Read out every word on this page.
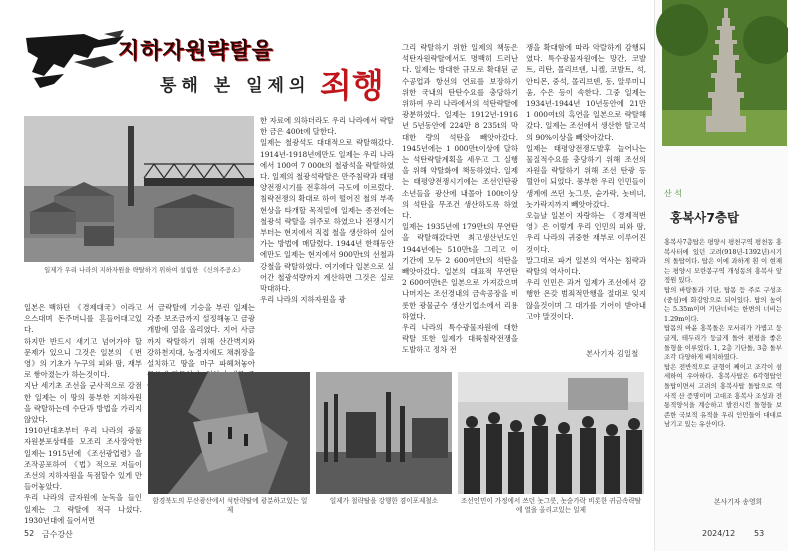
지하자원략탈을
통해 본 일제의 죄행
일제가 우리 나라의 지하자원을 략탈하기 위하여 설립한 《신의주공소》
일본은 백하던 《경제대국》이라고 으스대며 돈주머니를 흔들어대고있다.
하지만 반드시 새기고 넘어가야 할 문제가 있으니 그것은 일본의 《번영》의 기초가 누구의 피와 땀, 재부로 쌓아졌는가 하는것이다.
지난 세기초 조선을 군사적으로 강점한 일제는 이 땅의 풍부한 지하자원을 략탈하는데 수단과 방법을 가리지 않았다.
1910년대초부터 우리 나라의 광물자원분포상태를 모조리 조사장악한 일제는 1915년에 《조선광업령》을 조작공포하여 《법》적으로 저들이 조선의 지하자원을 독점할수 있게 만들어놓았다.
우리 나라의 금자원에 눈독을 들인 일제는 그 략탈에 적극 나섰다. 1930년대에 들어서면
한 자료에 의하더라도 우리 나라에서 략탈한 금은 400t에 달한다.
일제는 철광석도 대대적으로 략탈해갔다. 1914년-1918년에만도 일제는 우리 나라에서 100여 7 000t의 철광석을 략탈하였다. 일제의 철광석략탈은 만주침략과 태평양전쟁시기를 전후하여 극도에 이르렀다. 침략전쟁의 확대로 하여 떨어진 철의 부족현상을 타개할 목적밑에 일제는 종전에는 철광석 략탈을 위주로 하였으나 전쟁시기부터는 현지에서 직접 철을 생산하여 실어가는 방법에 매달렸다. 1944년 한해동안에만도 일제는 현지에서 900만t의 선철과 강철을 략탈하였다. 여기에다 일본으로 실어간 철광석량까지 계산하면 그것은 실로 막대하다.
우리 나라의 지하자원을 광
서 금략탈에 기승을 부린 일제는 각종 보조금까지 설정해놓고 금광개발에 열을 올리였다. 지어 사금까지 략탈하기 위해 산간벽지와 강하천지대, 농경지에도 채취장을 설치하고 땅을 마구 파헤쳐놓아
그리 략탈하기 위한 일제의 책동은 석탄자원략탈에서도 명백히 드러난다. 일제는 방대한 규모로 확대된 군수공업과 항선의 연료를 보장하기 위한 국내의 탄탄수요를 충당하기 위하여 우리 나라에서의 석탄략탈에 광분하였다. 일제는 1912년-1916년 5년동안에 224만 8 235t의 막대한 량의 석탄을 빼앗아갔다. 1945년에는 1 000만t이상에 달하는 석탄략탈계획을 세우고 그 실행을 위해 약탈화에 책동하였다. 일제는 태평양전쟁시기에는 조선인탄광소년들을 광산에 내몰아 100t이상의 석탄을 무조건 생산하도록 하였다.
일제는 1935년에 179만t의 무연탄을 략탈해갔다면 최고생산년도인 1944년에는 510만t을 그리고 이 기간에 모두 2 600여만t의 석탄을 빼앗아갔다. 일본의 대표적 무연탄 2 600여만t은 일본으로 가져갔으며 나머지는 조선경내의 금속공장을 비롯한 광물군수 생산기업소에서 리용하였다.
우리 나라의 특수광물자원에 대한 략탈 또한 일제가 대륙침략전쟁을 도발하고 정차 전
쟁을 확대함에 따라 악랄하게 감행되였다. 특수광물자원에는 망간, 코발트, 리탄, 몰리브덴, 니켈, 코발트, 석, 안티몬, 중석, 몰리브덴, 동, 알루미니움, 수은 등이 속한다. 그중 일제는 1934년-1944년 10년동안에 21만 1 000여t의 흑연을 일본으로 략탈해갔다. 일제는 조선에서 생산한 탈고석의 90%이상을 빼앗아갔다.
일제는 태평양전쟁도발후 늘어나는 물질적수요를 충당하기 위해 조선의 자원을 략탈하기 위해 조선 탄광 등 혈안이 되었다. 풍부한 우리 인민들이 생계에 쓰던 놋그릇, 숟가락, 놋비녀, 놋가락지까지 빼앗아갔다.
오늘날 일본이 자랑하는 《경제적번영》은 이렇게 우리 인민의 피와 땀, 우리 나라의 귀중한 재부로 이루어진것이다.
말그대로 파거 일본의 역사는 침략과 략탈의 역사이다.
우리 인민은 과거 일제가 조선에서 감행한 온갖 범죄적만행을 절대로 잊지 않을것이며 그 대가를 기어이 받아내고야 말것이다.
본사기자 김일철
함경북도의 무산광산에서 석탄략탈에 광분하고있는 일제
일제가 철략탈을 강행한 겸이포제철소	조선인민이 가정에서 쓰던 놋그릇, 놋숟가락 비롯한 귀금속략탈에 열을 올리고있는 일제
산 석
홍복사7층탑
홍복사7층탑은 평양시 평천구역 평천동 홍복사터에 있던 고려(918년-1392년)시기의 돌탑이다. 탑은 이에 과하게 흰 이 현재는 평양시 모란봉구역 개성동의 홍복사 앞정원 있다.
탑의 바탕돌과 기단, 탑몸 등 주로 구성조(중심)에 화강암으로 되어있다. 탑의 높이는 5.35m이며 기단너비는 한변의 너비는 1.29m이다.
탑몸의 바윤 홍복돌은 모서리가 가볍고 둥글게, 테두리가 둥글게 돌아 편평을 좋은 돌형을 이루었다. 1, 2층 기단돌, 3층 돌부 조각 다양하게 배치하였다.
탑은 전반적으로 균형이 째이고 조각이 섬세하여 우아하다. 홍복사탑은 6각형탑인 돌탑이면서 고려의 홍복사탑 돌탑으로 역사적 산 증명이며 고대조 홍복사 조성과 전통적양식을 계승하고 발전시킨 돌형들 보존한 국보적 유적을 우리 인민들이 대대로 남기고 있는 유산이다.
본사기자 송영희
52 금수강산	2024/12 53
